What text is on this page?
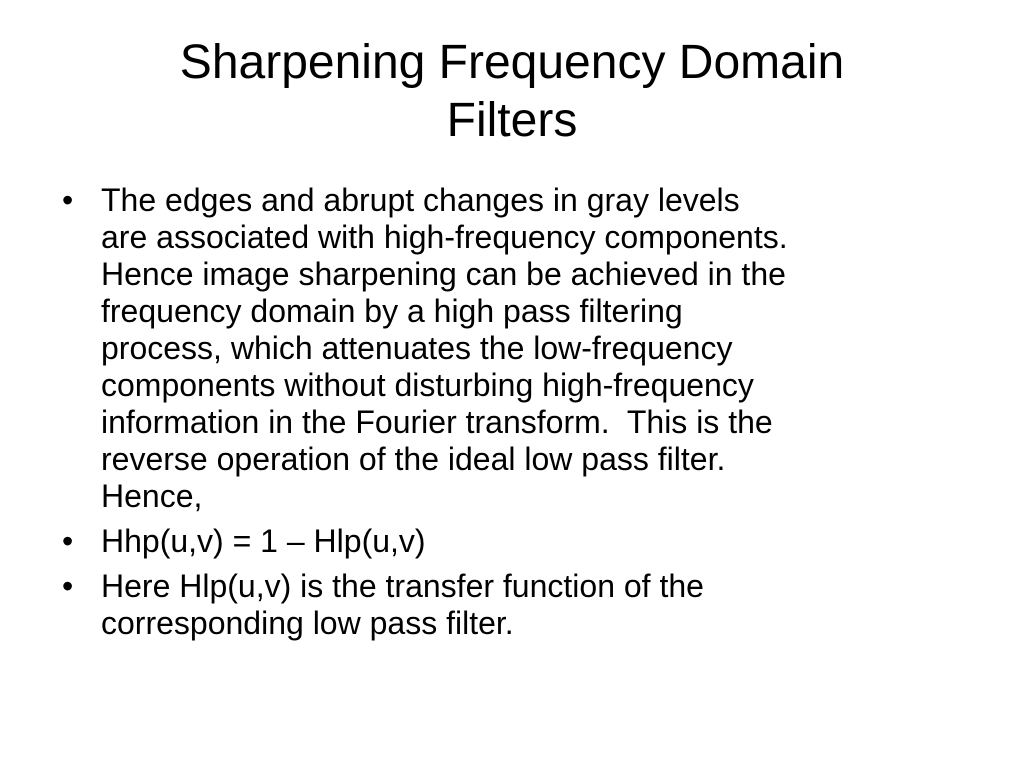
Sharpening Frequency Domain
Filters
• The edges and abrupt changes in gray levels
are associated with high-frequency components.
Hence image sharpening can be achieved in the
frequency domain by a high pass filtering
process, which attenuates the low-frequency
components without disturbing high-frequency
information in the Fourier transform.  This is the
reverse operation of the ideal low pass filter.
Hence,
• Hhp(u,v) = 1 – Hlp(u,v)
• Here Hlp(u,v) is the transfer function of the
corresponding low pass filter.
